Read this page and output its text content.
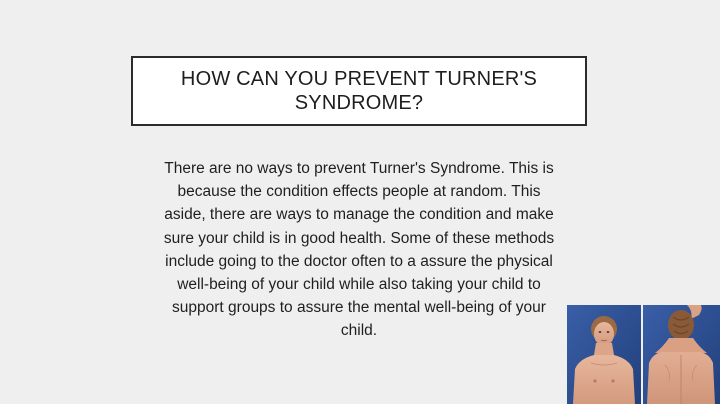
HOW CAN YOU PREVENT TURNER'S
SYNDROME?
There are no ways to prevent Turner's Syndrome. This is
because the condition effects people at random. This
aside, there are ways to manage the condition and make
sure your child is in good health. Some of these methods
include going to the doctor often to a assure the physical
well-being of your child while also taking your child to
support groups to assure the mental well-being of your
child.
